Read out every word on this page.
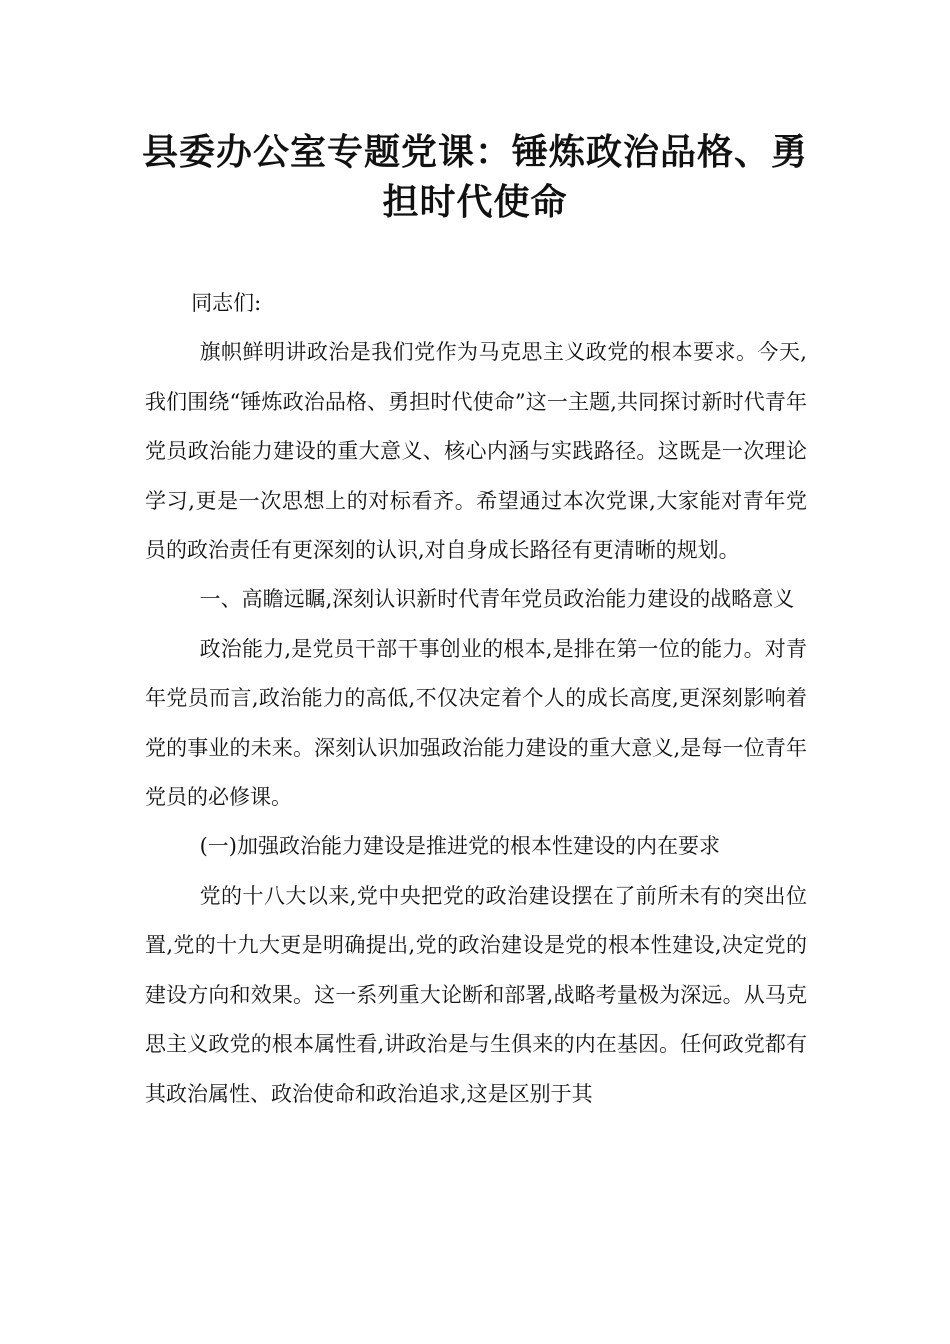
县委办公室专题党课：锤炼政治品格、勇担时代使命

同志们:

旗帜鲜明讲政治是我们党作为马克思主义政党的根本要求。今天,我们围绕“锤炼政治品格、勇担时代使命”这一主题,共同探讨新时代青年党员政治能力建设的重大意义、核心内涵与实践路径。这既是一次理论学习,更是一次思想上的对标看齐。希望通过本次党课,大家能对青年党员的政治责任有更深刻的认识,对自身成长路径有更清晰的规划。

一、高瞻远瞩,深刻认识新时代青年党员政治能力建设的战略意义

政治能力,是党员干部干事创业的根本,是排在第一位的能力。对青年党员而言,政治能力的高低,不仅决定着个人的成长高度,更深刻影响着党的事业的未来。深刻认识加强政治能力建设的重大意义,是每一位青年党员的必修课。

(一)加强政治能力建设是推进党的根本性建设的内在要求

党的十八大以来,党中央把党的政治建设摆在了前所未有的突出位置,党的十九大更是明确提出,党的政治建设是党的根本性建设,决定党的建设方向和效果。这一系列重大论断和部署,战略考量极为深远。从马克思主义政党的根本属性看,讲政治是与生俱来的内在基因。任何政党都有其政治属性、政治使命和政治追求,这是区别于其
